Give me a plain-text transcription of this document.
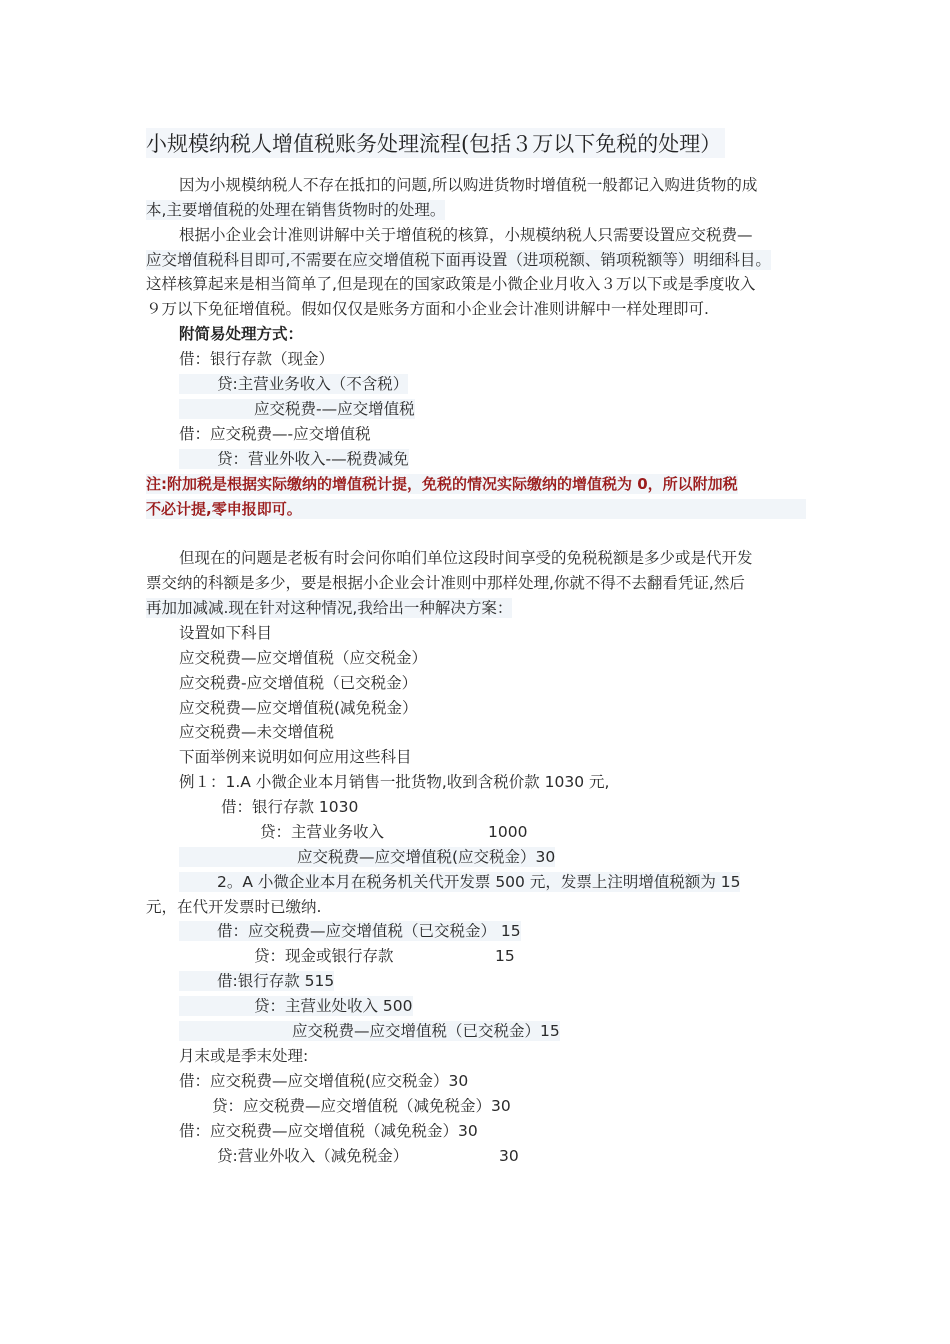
小规模纳税人增值税账务处理流程(包括３万以下免税的处理）
因为小规模纳税人不存在抵扣的问题,所以购进货物时增值税一般都记入购进货物的成
本,主要增值税的处理在销售货物时的处理。
根据小企业会计准则讲解中关于增值税的核算，小规模纳税人只需要设置应交税费—
应交增值税科目即可,不需要在应交增值税下面再设置（进项税额、销项税额等）明细科目。
这样核算起来是相当简单了,但是现在的国家政策是小微企业月收入３万以下或是季度收入
９万以下免征增值税。假如仅仅是账务方面和小企业会计准则讲解中一样处理即可.
附简易处理方式：
借：银行存款（现金）
贷:主营业务收入（不含税）
应交税费-—应交增值税
借：应交税费—-应交增值税
贷：营业外收入-—税费减免
注:附加税是根据实际缴纳的增值税计提，免税的情况实际缴纳的增值税为 0，所以附加税
不必计提,零申报即可。
但现在的问题是老板有时会问你咱们单位这段时间享受的免税税额是多少或是代开发
票交纳的科额是多少，要是根据小企业会计准则中那样处理,你就不得不去翻看凭证,然后
再加加减减.现在针对这种情况,我给出一种解决方案：
设置如下科目
应交税费—应交增值税（应交税金）
应交税费-应交增值税（已交税金）
应交税费—应交增值税(减免税金）
应交税费—未交增值税
下面举例来说明如何应用这些科目
例１：1.A 小微企业本月销售一批货物,收到含税价款 1030 元,
借：银行存款 1030
贷：主营业务收入	1000
应交税费—应交增值税(应交税金）30
2。A 小微企业本月在税务机关代开发票 500 元，发票上注明增值税额为 15
元，在代开发票时已缴纳.
借：应交税费—应交增值税（已交税金） 15
贷：现金或银行存款	15
借:银行存款 515
贷：主营业处收入 500
应交税费—应交增值税（已交税金）15
月末或是季末处理:
借：应交税费—应交增值税(应交税金）30
贷：应交税费—应交增值税（减免税金）30
借：应交税费—应交增值税（减免税金）30
贷:营业外收入（减免税金）	30
